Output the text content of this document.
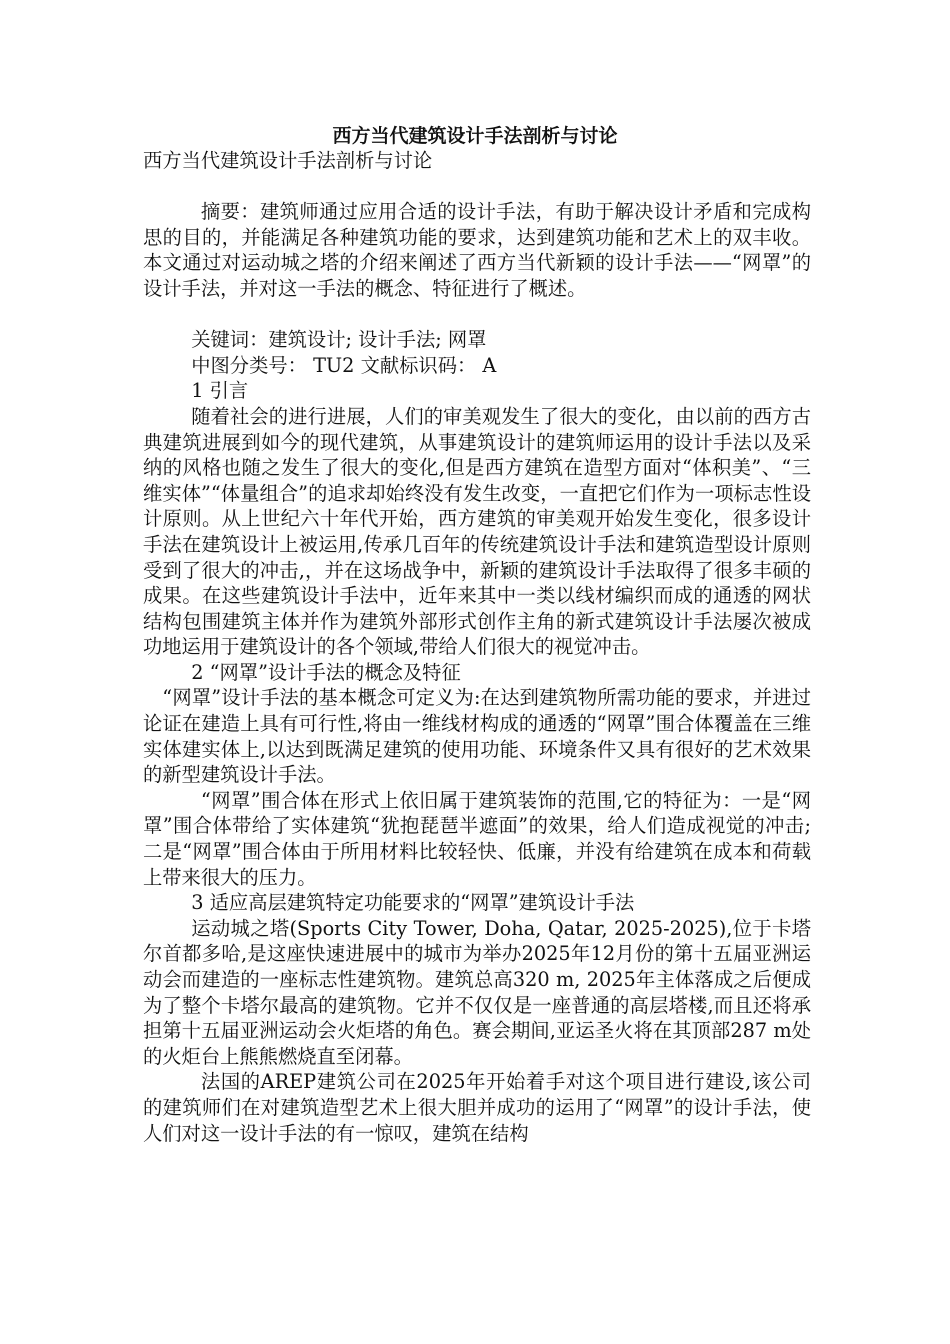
西方当代建筑设计手法剖析与讨论

西方当代建筑设计手法剖析与讨论

摘要：建筑师通过应用合适的设计手法，有助于解决设计矛盾和完成构思的目的，并能满足各种建筑功能的要求，达到建筑功能和艺术上的双丰收。本文通过对运动城之塔的介绍来阐述了西方当代新颖的设计手法——“网罩”的设计手法，并对这一手法的概念、特征进行了概述。

关键词：建筑设计; 设计手法; 网罩

中图分类号： TU2 文献标识码： A

1 引言

随着社会的进行进展，人们的审美观发生了很大的变化，由以前的西方古典建筑进展到如今的现代建筑，从事建筑设计的建筑师运用的设计手法以及采纳的风格也随之发生了很大的变化,但是西方建筑在造型方面对“体积美”、“三维实体”“体量组合”的追求却始终没有发生改变，一直把它们作为一项标志性设计原则。从上世纪六十年代开始，西方建筑的审美观开始发生变化，很多设计手法在建筑设计上被运用,传承几百年的传统建筑设计手法和建筑造型设计原则受到了很大的冲击,，并在这场战争中，新颖的建筑设计手法取得了很多丰硕的成果。在这些建筑设计手法中，近年来其中一类以线材编织而成的通透的网状结构包围建筑主体并作为建筑外部形式创作主角的新式建筑设计手法屡次被成功地运用于建筑设计的各个领域,带给人们很大的视觉冲击。

2 “网罩”设计手法的概念及特征

“网罩”设计手法的基本概念可定义为:在达到建筑物所需功能的要求，并进过论证在建造上具有可行性,将由一维线材构成的通透的“网罩”围合体覆盖在三维实体建实体上,以达到既满足建筑的使用功能、环境条件又具有很好的艺术效果的新型建筑设计手法。

“网罩”围合体在形式上依旧属于建筑装饰的范围,它的特征为：一是“网罩”围合体带给了实体建筑“犹抱琵琶半遮面”的效果，给人们造成视觉的冲击;二是“网罩”围合体由于所用材料比较轻快、低廉，并没有给建筑在成本和荷载上带来很大的压力。

3 适应高层建筑特定功能要求的“网罩”建筑设计手法

运动城之塔(Sports City Tower, Doha, Qatar, 2025-2025),位于卡塔尔首都多哈,是这座快速进展中的城市为举办2025年12月份的第十五届亚洲运动会而建造的一座标志性建筑物。建筑总高320 m, 2025年主体落成之后便成为了整个卡塔尔最高的建筑物。它并不仅仅是一座普通的高层塔楼,而且还将承担第十五届亚洲运动会火炬塔的角色。赛会期间,亚运圣火将在其顶部287 m处的火炬台上熊熊燃烧直至闭幕。

法国的AREP建筑公司在2025年开始着手对这个项目进行建设,该公司的建筑师们在对建筑造型艺术上很大胆并成功的运用了“网罩”的设计手法，使人们对这一设计手法的有一惊叹，建筑在结构
